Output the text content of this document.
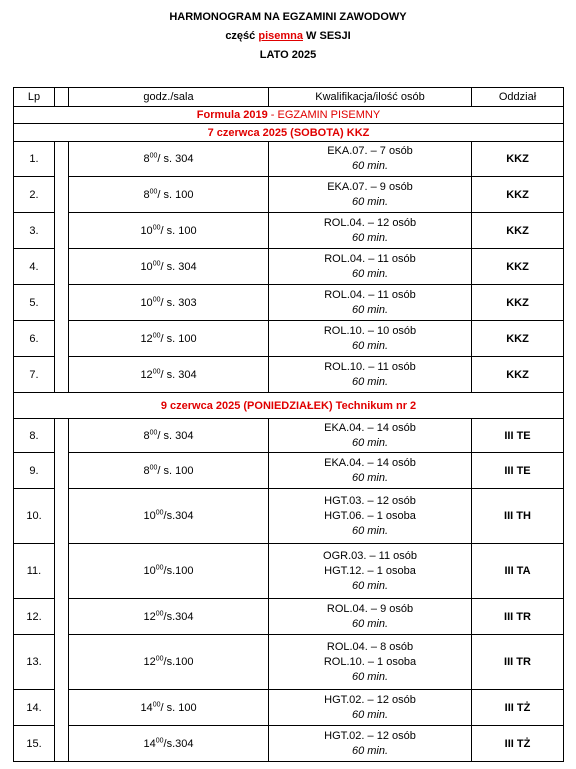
HARMONOGRAM NA EGZAMINI ZAWODOWY
część pisemna W SESJI
LATO 2025
Lp		godz./sala	Kwalifikacja/ilość osób	Oddział
Formula 2019 - EGZAMIN PISEMNY				
7 czerwca 2025 (SOBOTA) KKZ				
1.		$8^{00}/$ s. 304	EKA.07. – 7 osób
60 min.	KKZ
2.		$8^{00}/$ s. 100	EKA.07. – 9 osób
60 min.	KKZ
3.		$10^{00}/$ s. 100	ROL.04. – 12 osób
60 min.	KKZ
4.		$10^{00}/$ s. 304	ROL.04. – 11 osób
60 min.	KKZ
5.		$10^{00}/$ s. 303	ROL.04. – 11 osób
60 min.	KKZ
6.		$12^{00}/$ s. 100	ROL.10. – 10 osób
60 min.	KKZ
7.		$12^{00}/$ s. 304	ROL.10. – 11 osób
60 min.	KKZ
9 czerwca 2025 (PONIEDZIAŁEK) Technikum nr 2				
8.		$8^{00}/$ s. 304	EKA.04. – 14 osób
60 min.	III TE
9.		$8^{00}/$ s. 100	EKA.04. – 14 osób
60 min.	III TE
10.		$10^{00}/s.304$	HGT.03. – 12 osób
HGT.06. – 1 osoba
60 min.	III TH
11.		$10^{00}/s.100$	OGR.03. – 11 osób
HGT.12. – 1 osoba
60 min.	III TA
12.		$12^{00}/s.304$	ROL.04. – 9 osób
60 min.	III TR
13.		$12^{00}/s.100$	ROL.04. – 8 osób
ROL.10. – 1 osoba
60 min.	III TR
14.		$14^{00}/$ s. 100	HGT.02. – 12 osób
60 min.	III TŻ
15.		$14^{00}/s.304$	HGT.02. – 12 osób
60 min.	III TŻ
